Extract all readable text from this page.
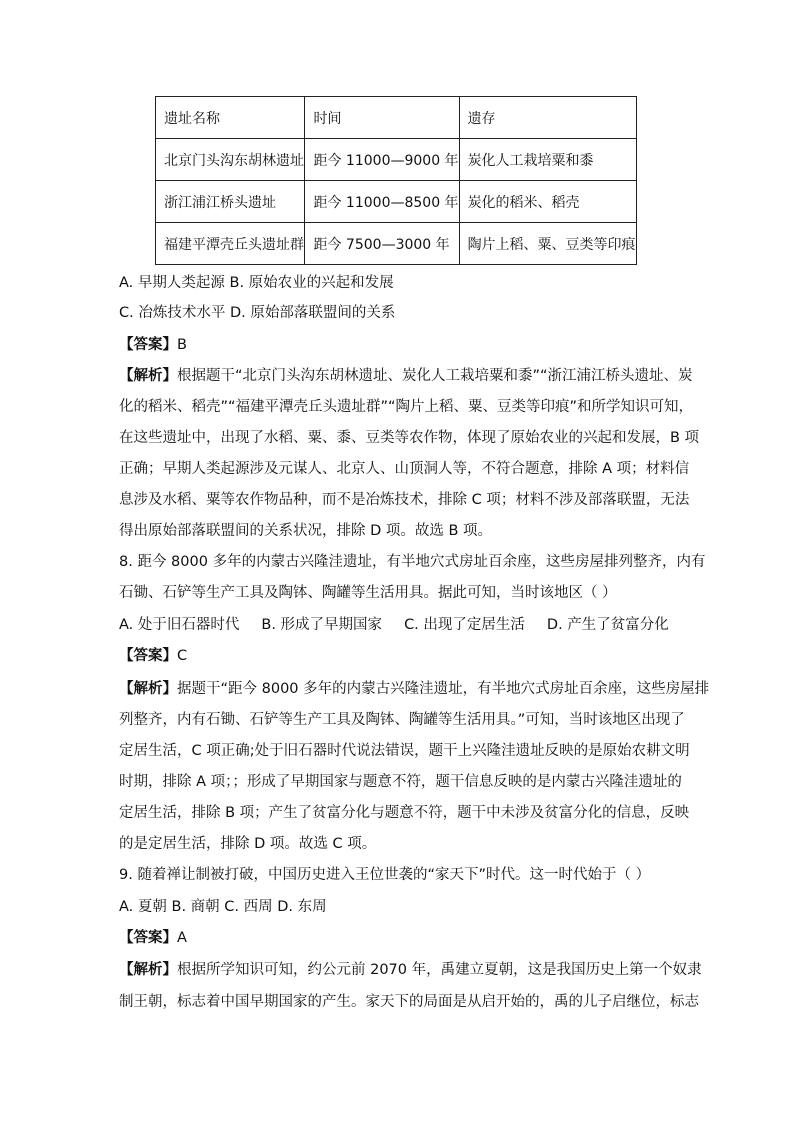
遗址名称	时间	遗存
北京门头沟东胡林遗址	距今 11000—9000 年	炭化人工栽培粟和黍
浙江浦江桥头遗址	距今 11000—8500 年	炭化的稻米、稻壳
福建平潭壳丘头遗址群	距今 7500—3000 年	陶片上稻、粟、豆类等印痕
A. 早期人类起源 B. 原始农业的兴起和发展
C. 冶炼技术水平 D. 原始部落联盟间的关系
【答案】B
【解析】根据题干“北京门头沟东胡林遗址、炭化人工栽培粟和黍”“浙江浦江桥头遗址、炭
化的稻米、稻壳”“福建平潭壳丘头遗址群”“陶片上稻、粟、豆类等印痕”和所学知识可知，
在这些遗址中，出现了水稻、粟、黍、豆类等农作物，体现了原始农业的兴起和发展，B 项
正确；早期人类起源涉及元谋人、北京人、山顶洞人等，不符合题意，排除 A 项；材料信
息涉及水稻、粟等农作物品种，而不是冶炼技术，排除 C 项；材料不涉及部落联盟，无法
得出原始部落联盟间的关系状况，排除 D 项。故选 B 项。
8. 距今 8000 多年的内蒙古兴隆洼遗址，有半地穴式房址百余座，这些房屋排列整齐，内有
石锄、石铲等生产工具及陶钵、陶罐等生活用具。据此可知，当时该地区（ ）
A. 处于旧石器时代 B. 形成了早期国家 C. 出现了定居生活 D. 产生了贫富分化
【答案】C
【解析】据题干“距今 8000 多年的内蒙古兴隆洼遗址，有半地穴式房址百余座，这些房屋排
列整齐，内有石锄、石铲等生产工具及陶钵、陶罐等生活用具。”可知，当时该地区出现了
定居生活，C 项正确;处于旧石器时代说法错误，题干上兴隆洼遗址反映的是原始农耕文明
时期，排除 A 项；；形成了早期国家与题意不符，题干信息反映的是内蒙古兴隆洼遗址的
定居生活，排除 B 项；产生了贫富分化与题意不符，题干中未涉及贫富分化的信息，反映
的是定居生活，排除 D 项。故选 C 项。
9. 随着禅让制被打破，中国历史进入王位世袭的“家天下”时代。这一时代始于（ ）
A. 夏朝 B. 商朝 C. 西周 D. 东周
【答案】A
【解析】根据所学知识可知，约公元前 2070 年，禹建立夏朝，这是我国历史上第一个奴隶
制王朝，标志着中国早期国家的产生。家天下的局面是从启开始的，禹的儿子启继位，标志
